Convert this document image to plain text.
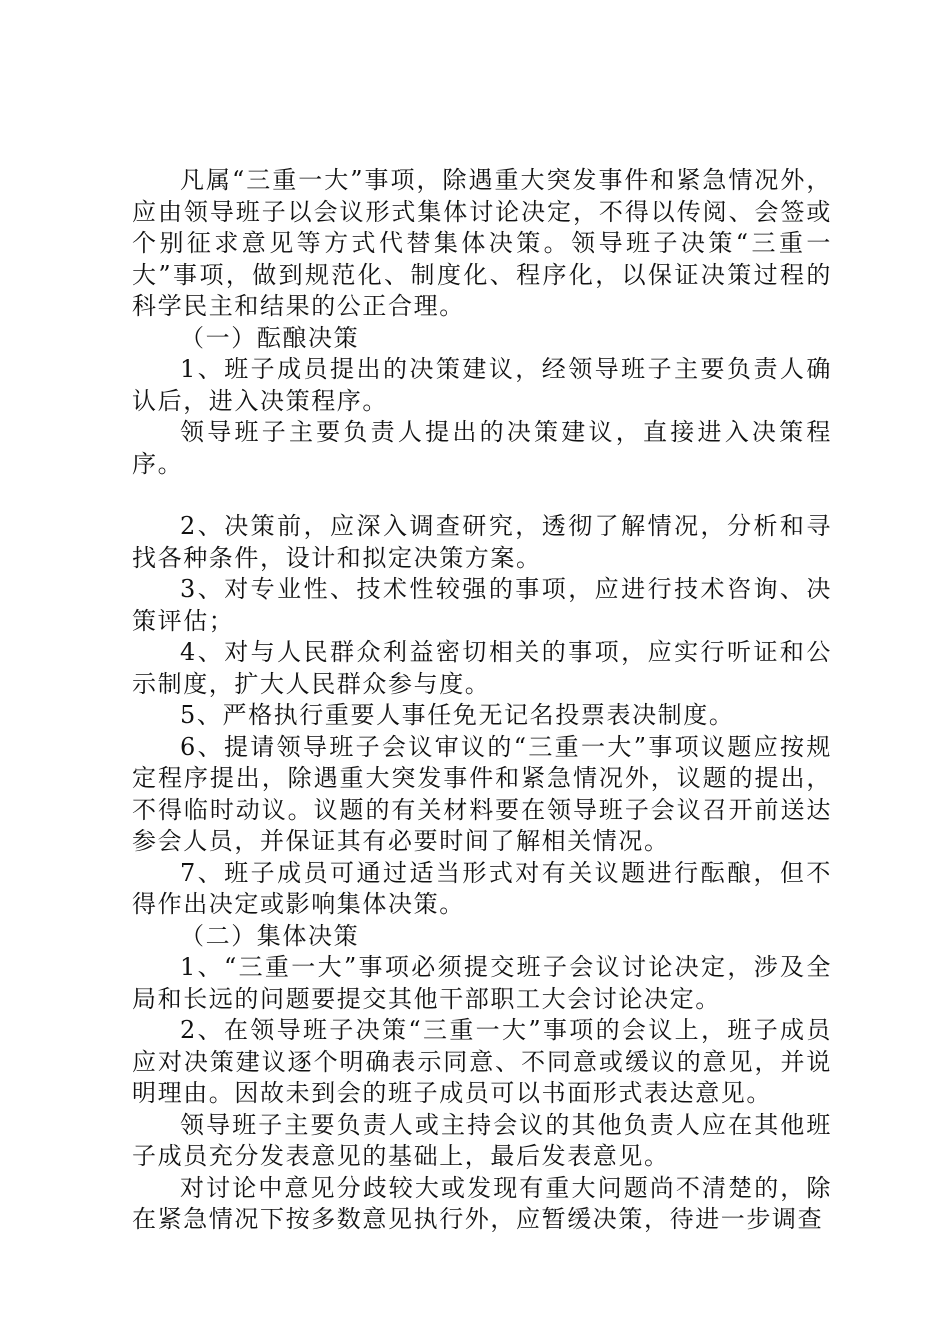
凡属“三重一大”事项，除遇重大突发事件和紧急情况外，应由领导班子以会议形式集体讨论决定，不得以传阅、会签或个别征求意见等方式代替集体决策。领导班子决策“三重一大”事项，做到规范化、制度化、程序化，以保证决策过程的科学民主和结果的公正合理。

（一）酝酿决策

1、班子成员提出的决策建议，经领导班子主要负责人确认后，进入决策程序。

领导班子主要负责人提出的决策建议，直接进入决策程序。

2、决策前，应深入调查研究，透彻了解情况，分析和寻找各种条件，设计和拟定决策方案。

3、对专业性、技术性较强的事项，应进行技术咨询、决策评估；

4、对与人民群众利益密切相关的事项，应实行听证和公示制度，扩大人民群众参与度。

5、严格执行重要人事任免无记名投票表决制度。

6、提请领导班子会议审议的“三重一大”事项议题应按规定程序提出，除遇重大突发事件和紧急情况外，议题的提出，不得临时动议。议题的有关材料要在领导班子会议召开前送达参会人员，并保证其有必要时间了解相关情况。

7、班子成员可通过适当形式对有关议题进行酝酿，但不得作出决定或影响集体决策。

（二）集体决策

1、“三重一大”事项必须提交班子会议讨论决定，涉及全局和长远的问题要提交其他干部职工大会讨论决定。

2、在领导班子决策“三重一大”事项的会议上，班子成员应对决策建议逐个明确表示同意、不同意或缓议的意见，并说明理由。因故未到会的班子成员可以书面形式表达意见。

领导班子主要负责人或主持会议的其他负责人应在其他班子成员充分发表意见的基础上，最后发表意见。

对讨论中意见分歧较大或发现有重大问题尚不清楚的，除在紧急情况下按多数意见执行外，应暂缓决策，待进一步调查
